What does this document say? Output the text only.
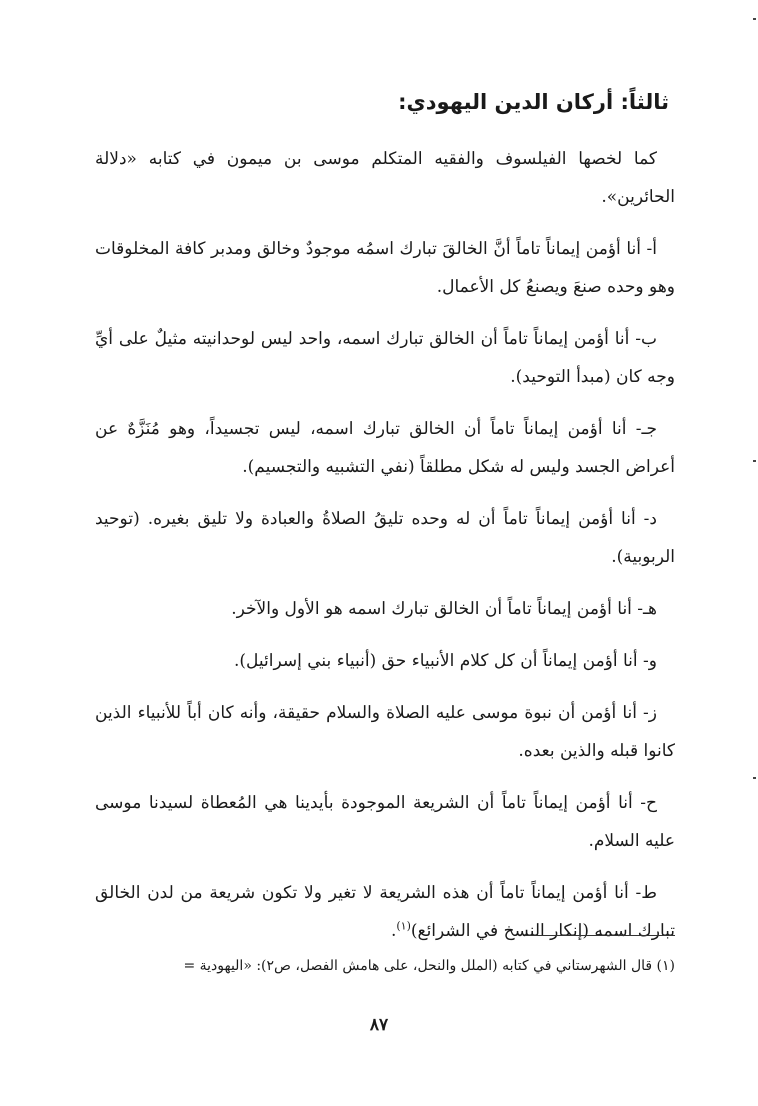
ثالثاً: أركان الدين اليهودي:

كما لخصها الفيلسوف والفقيه المتكلم موسى بن ميمون في كتابه «دلالة الحائرين».

أ- أنا أؤمن إيماناً تاماً أنَّ الخالقَ تبارك اسمُه موجودٌ وخالق ومدبر كافة المخلوقات وهو وحده صنعَ ويصنعُ كل الأعمال.

ب- أنا أؤمن إيماناً تاماً أن الخالق تبارك اسمه، واحد ليس لوحدانيته مثيلٌ على أيِّ وجه كان (مبدأ التوحيد).

جـ- أنا أؤمن إيماناً تاماً أن الخالق تبارك اسمه، ليس تجسيداً، وهو مُنَزَّهٌ عن أعراض الجسد وليس له شكل مطلقاً (نفي التشبيه والتجسيم).

د- أنا أؤمن إيماناً تاماً أن له وحده تليقُ الصلاةُ والعبادة ولا تليق بغيره. (توحيد الربوبية).

هـ- أنا أؤمن إيماناً تاماً أن الخالق تبارك اسمه هو الأول والآخر.

و- أنا أؤمن إيماناً أن كل كلام الأنبياء حق (أنبياء بني إسرائيل).

ز- أنا أؤمن أن نبوة موسى عليه الصلاة والسلام حقيقة، وأنه كان أباً للأنبياء الذين كانوا قبله والذين بعده.

ح- أنا أؤمن إيماناً تاماً أن الشريعة الموجودة بأيدينا هي المُعطاة لسيدنا موسى عليه السلام.

ط- أنا أؤمن إيماناً تاماً أن هذه الشريعة لا تغير ولا تكون شريعة من لدن الخالق تبارك اسمه (إنكار النسخ في الشرائع)$^{(١)}$.

(١) قال الشهرستاني في كتابه (الملل والنحل، على هامش الفصل، ص٢): «اليهودية =
٨٧
